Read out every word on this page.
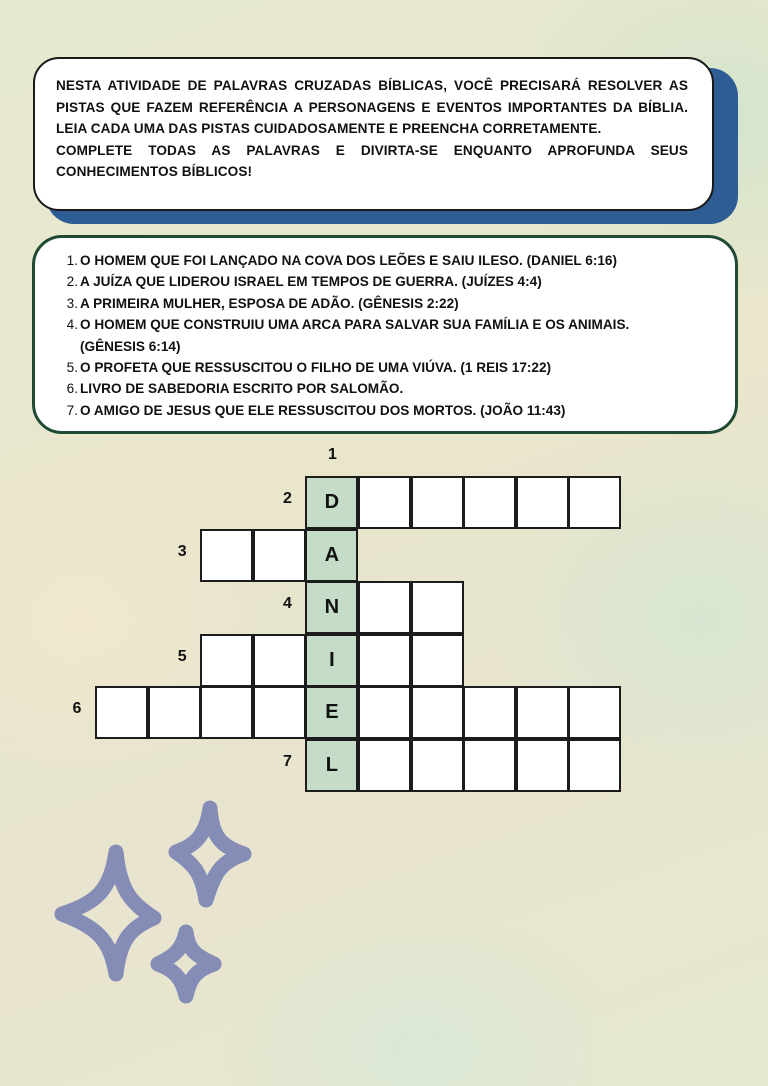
NESTA ATIVIDADE DE PALAVRAS CRUZADAS BÍBLICAS, VOCÊ PRECISARÁ RESOLVER AS PISTAS QUE FAZEM REFERÊNCIA A PERSONAGENS E EVENTOS IMPORTANTES DA BÍBLIA. LEIA CADA UMA DAS PISTAS CUIDADOSAMENTE E PREENCHA CORRETAMENTE.

COMPLETE TODAS AS PALAVRAS E DIVIRTA-SE ENQUANTO APROFUNDA SEUS CONHECIMENTOS BÍBLICOS!

1. O HOMEM QUE FOI LANÇADO NA COVA DOS LEÕES E SAIU ILESO. (DANIEL 6:16)
2. A JUÍZA QUE LIDEROU ISRAEL EM TEMPOS DE GUERRA. (JUÍZES 4:4)
3. A PRIMEIRA MULHER, ESPOSA DE ADÃO. (GÊNESIS 2:22)
4. O HOMEM QUE CONSTRUIU UMA ARCA PARA SALVAR SUA FAMÍLIA E OS ANIMAIS.
(GÊNESIS 6:14)
5. O PROFETA QUE RESSUSCITOU O FILHO DE UMA VIÚVA. (1 REIS 17:22)
6. LIVRO DE SABEDORIA ESCRITO POR SALOMÃO.
7. O AMIGO DE JESUS QUE ELE RESSUSCITOU DOS MORTOS. (JOÃO 11:43)
1
2	D
3	A
4	N
5	I
6	E
7	L
